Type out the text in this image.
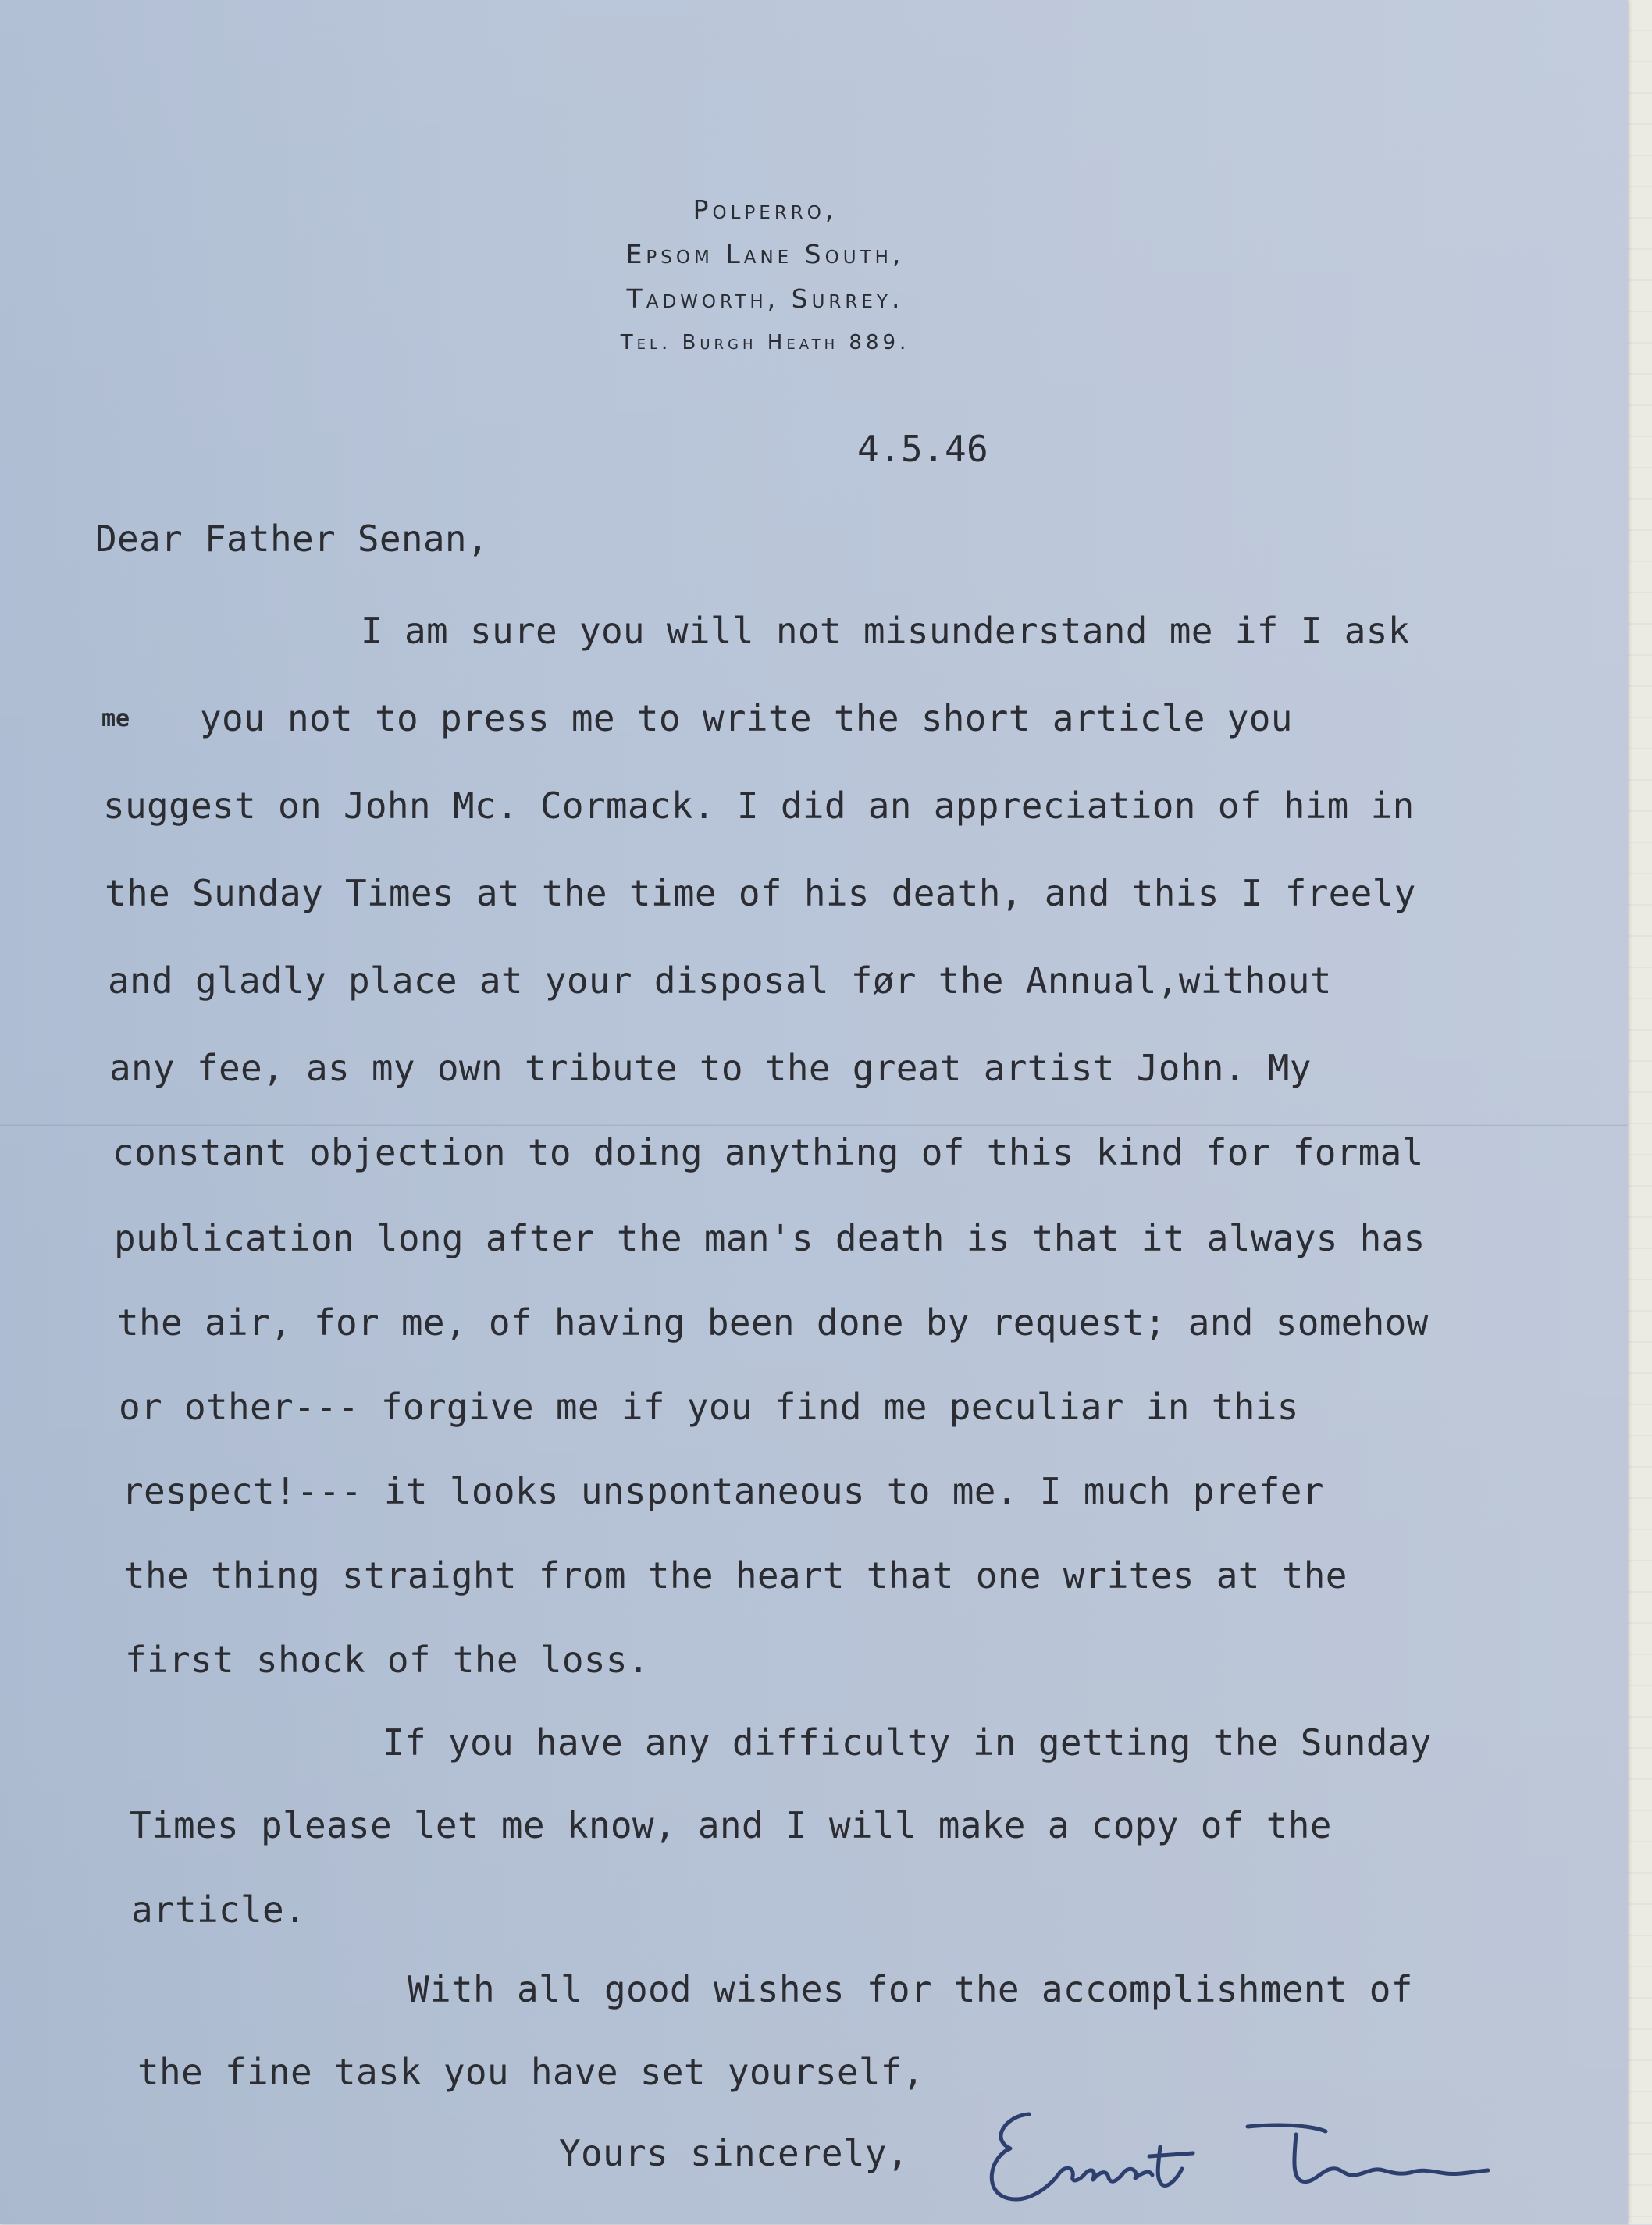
Polperro,
Epsom Lane South,
Tadworth, Surrey.
Tel. Burgh Heath 889.
4.5.46
Dear Father Senan,
me
I am sure you will not misunderstand me if I ask
you not to press me to write the short article you
suggest on John Mc. Cormack. I did an appreciation of him in
the Sunday Times at the time of his death, and this I freely
and gladly place at your disposal før the Annual,without
any fee, as my own tribute to the great artist John. My
constant objection to doing anything of this kind for formal
publication long after the man's death is that it always has
the air, for me, of having been done by request; and somehow
or other--- forgive me if you find me peculiar in this
respect!--- it looks unspontaneous to me. I much prefer
the thing straight from the heart that one writes at the
first shock of the loss.
If you have any difficulty in getting the Sunday
Times please let me know, and I will make a copy of the
article.
With all good wishes for the accomplishment of
the fine task you have set yourself,
Yours sincerely,
